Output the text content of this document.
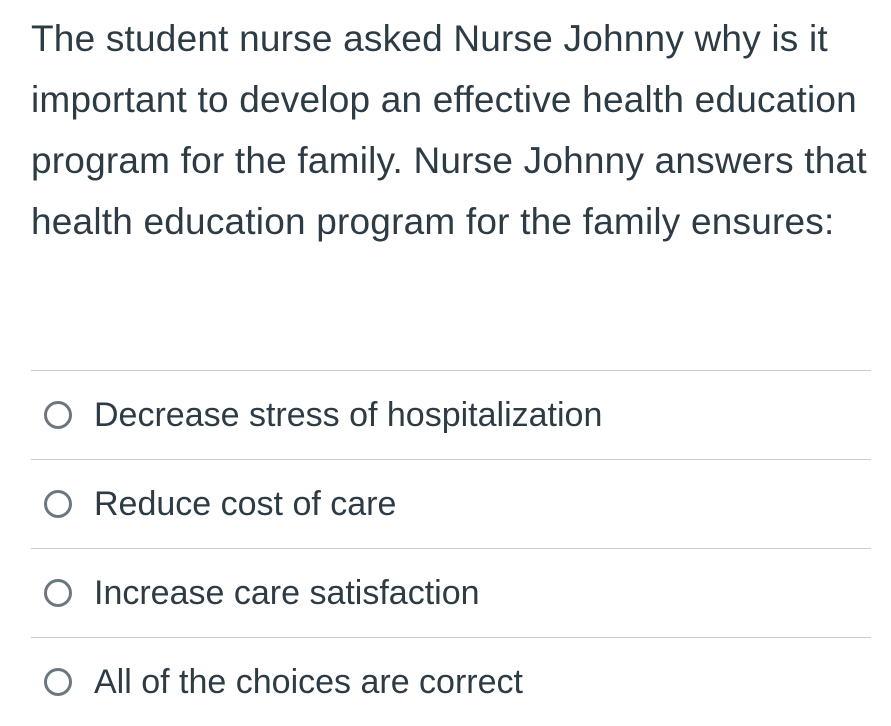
The student nurse asked Nurse Johnny why is it important to develop an effective health education program for the family. Nurse Johnny answers that health education program for the family ensures:

Decrease stress of hospitalization
Reduce cost of care
Increase care satisfaction
All of the choices are correct
